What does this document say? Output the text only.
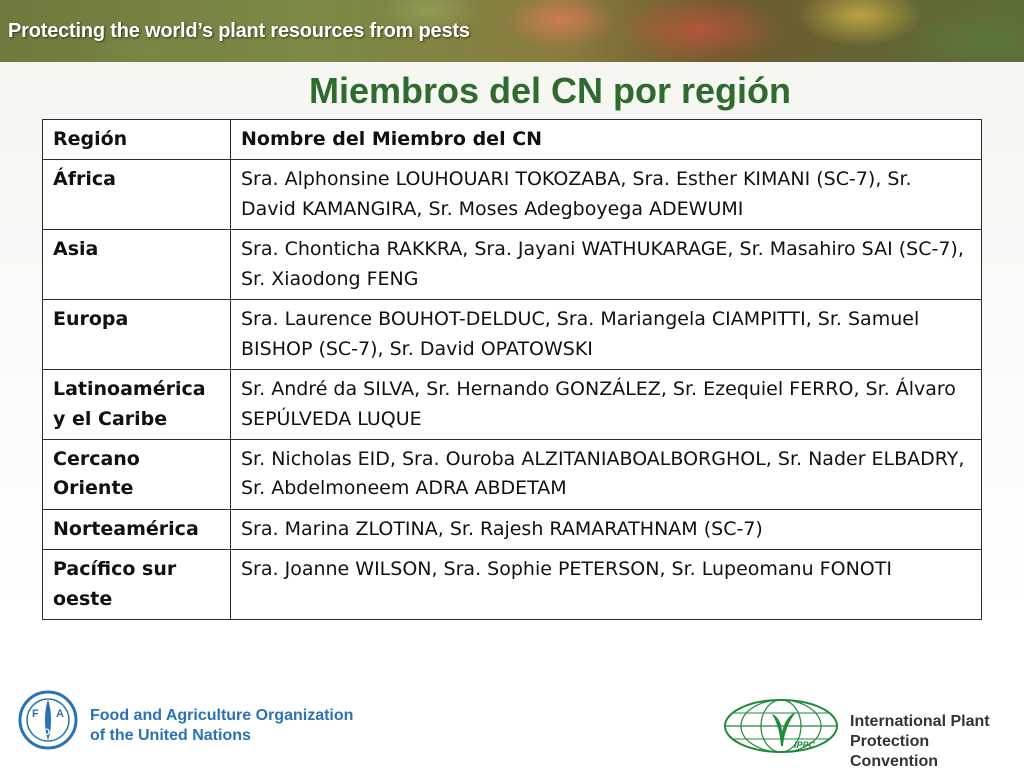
Protecting the world’s plant resources from pests
Miembros del CN por región
Región	Nombre del Miembro del CN
África	Sra. Alphonsine LOUHOUARI TOKOZABA, Sra. Esther KIMANI (SC-7), Sr. David KAMANGIRA, Sr. Moses Adegboyega ADEWUMI
Asia	Sra. Chonticha RAKKRA, Sra. Jayani WATHUKARAGE, Sr. Masahiro SAI (SC-7), Sr. Xiaodong FENG
Europa	Sra. Laurence BOUHOT-DELDUC, Sra. Mariangela CIAMPITTI, Sr. Samuel BISHOP (SC-7), Sr. David OPATOWSKI
Latinoamérica y el Caribe	Sr. André da SILVA, Sr. Hernando GONZÁLEZ, Sr. Ezequiel FERRO, Sr. Álvaro SEPÚLVEDA LUQUE
Cercano Oriente	Sr. Nicholas EID, Sra. Ouroba ALZITANIABOALBORGHOL, Sr. Nader ELBADRY, Sr. Abdelmoneem ADRA ABDETAM
Norteamérica	Sra. Marina ZLOTINA, Sr. Rajesh RAMARATHNAM (SC-7)
Pacífico sur oeste	Sra. Joanne WILSON, Sra. Sophie PETERSON, Sr. Lupeomanu FONOTI
F A
O
Food and Agriculture Organization
of the United Nations
IPPC
International Plant
Protection Convention
